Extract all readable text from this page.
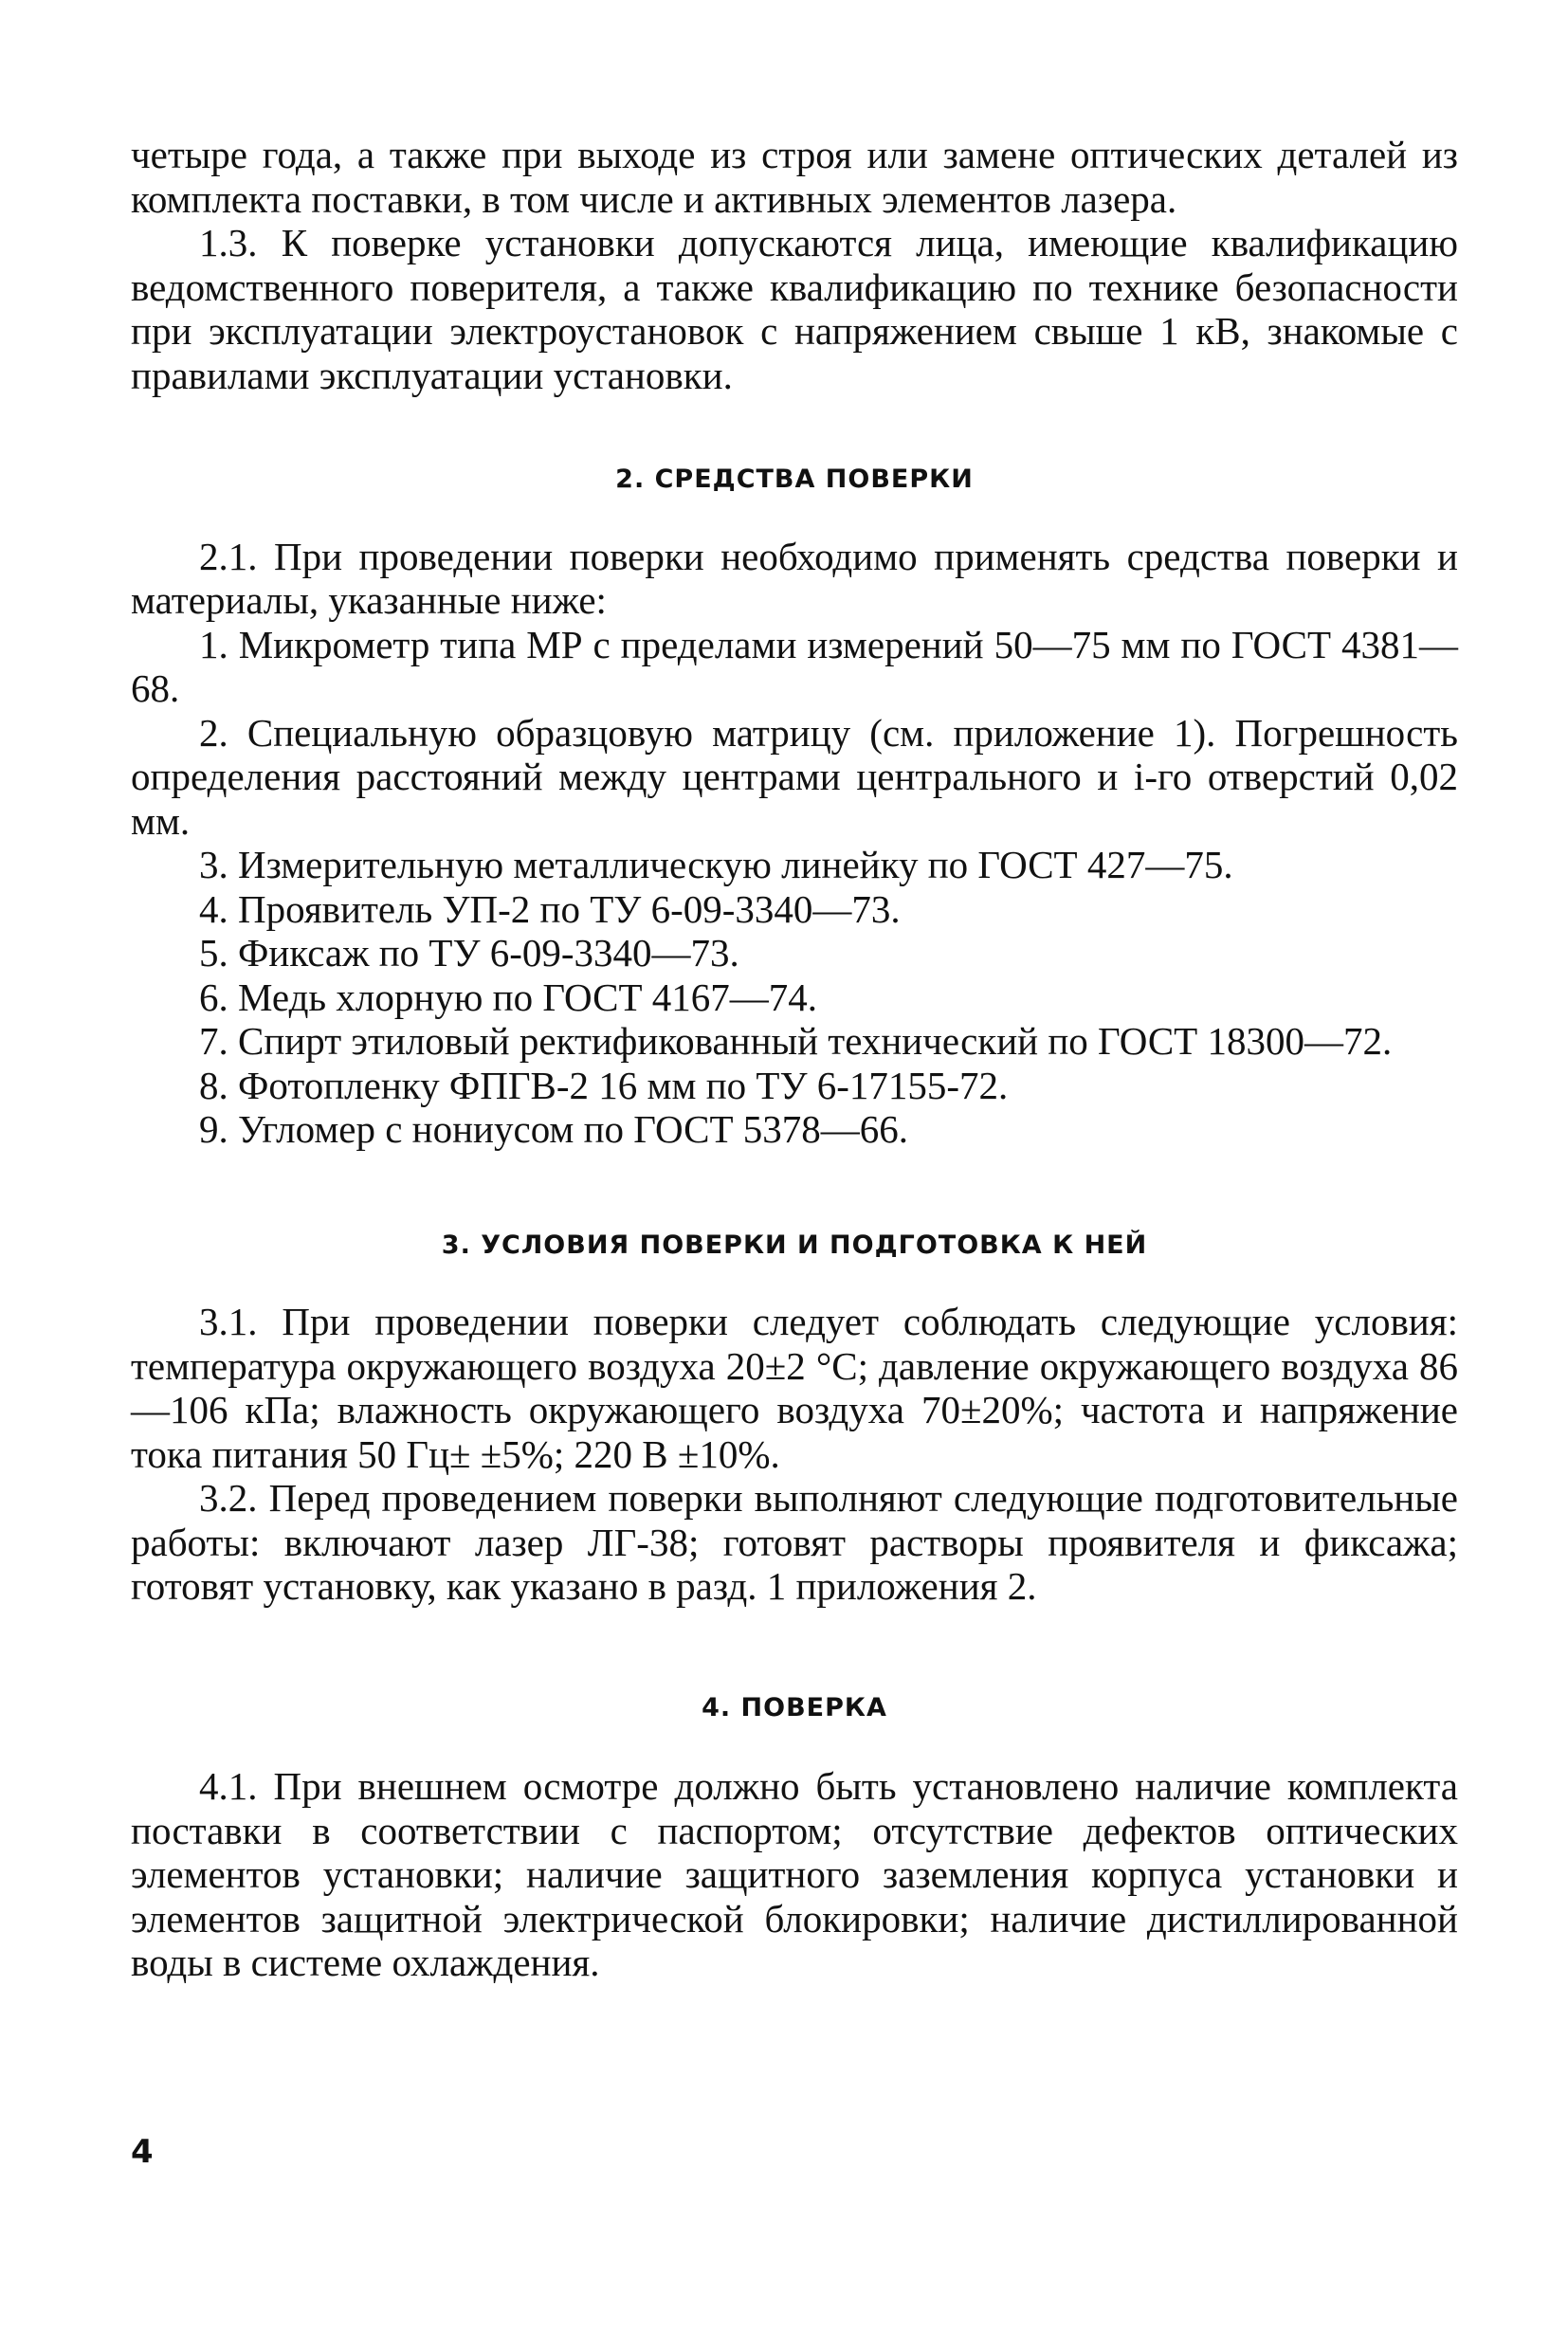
четыре года, а также при выходе из строя или замене оптических деталей из комплекта поставки, в том числе и активных элементов лазера.

1.3. К поверке установки допускаются лица, имеющие квалификацию ведомственного поверителя, а также квалификацию по технике безопасности при эксплуатации электроустановок с напряжением свыше 1 кВ, знакомые с правилами эксплуатации установки.

2. СРЕДСТВА ПОВЕРКИ

2.1. При проведении поверки необходимо применять средства поверки и материалы, указанные ниже:

1. Микрометр типа МР с пределами измерений 50—75 мм по ГОСТ 4381—68.

2. Специальную образцовую матрицу (см. приложение 1). Погрешность определения расстояний между центрами центрального и i-го отверстий 0,02 мм.

3. Измерительную металлическую линейку по ГОСТ 427—75.

4. Проявитель УП-2 по ТУ 6-09-3340—73.

5. Фиксаж по ТУ 6-09-3340—73.

6. Медь хлорную по ГОСТ 4167—74.

7. Спирт этиловый ректификованный технический по ГОСТ 18300—72.

8. Фотопленку ФПГВ-2 16 мм по ТУ 6-17155-72.

9. Угломер с нониусом по ГОСТ 5378—66.

3. УСЛОВИЯ ПОВЕРКИ И ПОДГОТОВКА К НЕЙ

3.1. При проведении поверки следует соблюдать следующие условия: температура окружающего воздуха 20±2 °С; давление окружающего воздуха 86—106 кПа; влажность окружающего воздуха 70±20%; частота и напряжение тока питания 50 Гц± ±5%; 220 В ±10%.

3.2. Перед проведением поверки выполняют следующие подготовительные работы: включают лазер ЛГ-38; готовят растворы проявителя и фиксажа; готовят установку, как указано в разд. 1 приложения 2.

4. ПОВЕРКА

4.1. При внешнем осмотре должно быть установлено наличие комплекта поставки в соответствии с паспортом; отсутствие дефектов оптических элементов установки; наличие защитного заземления корпуса установки и элементов защитной электрической блокировки; наличие дистиллированной воды в системе охлаждения.

4
